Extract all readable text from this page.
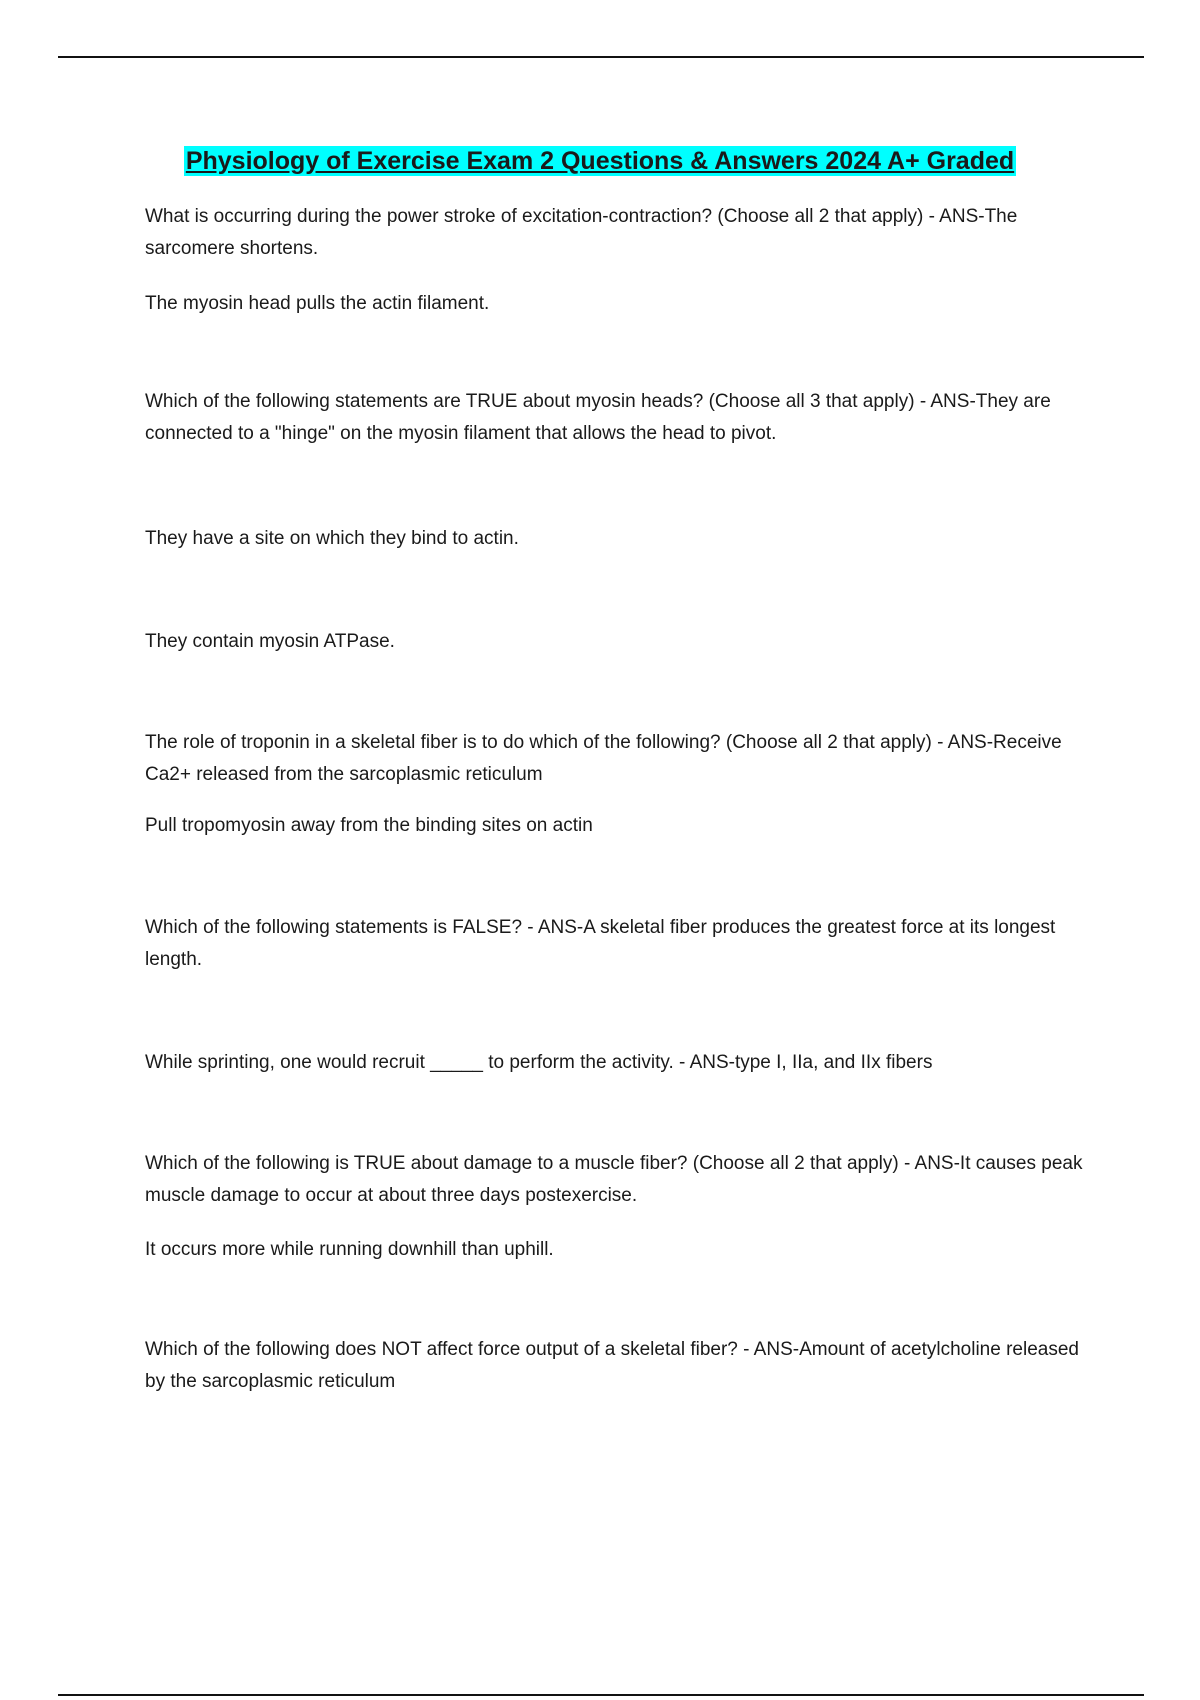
Physiology of Exercise Exam 2 Questions & Answers 2024 A+ Graded

What is occurring during the power stroke of excitation-contraction? (Choose all 2 that apply) - ANS-The sarcomere shortens.

The myosin head pulls the actin filament.

Which of the following statements are TRUE about myosin heads? (Choose all 3 that apply) - ANS-They are connected to a "hinge" on the myosin filament that allows the head to pivot.

They have a site on which they bind to actin.

They contain myosin ATPase.

The role of troponin in a skeletal fiber is to do which of the following? (Choose all 2 that apply) - ANS-Receive Ca2+ released from the sarcoplasmic reticulum

Pull tropomyosin away from the binding sites on actin

Which of the following statements is FALSE? - ANS-A skeletal fiber produces the greatest force at its longest length.

While sprinting, one would recruit _____ to perform the activity. - ANS-type I, IIa, and IIx fibers

Which of the following is TRUE about damage to a muscle fiber? (Choose all 2 that apply) - ANS-It causes peak muscle damage to occur at about three days postexercise.

It occurs more while running downhill than uphill.

Which of the following does NOT affect force output of a skeletal fiber? - ANS-Amount of acetylcholine released by the sarcoplasmic reticulum
